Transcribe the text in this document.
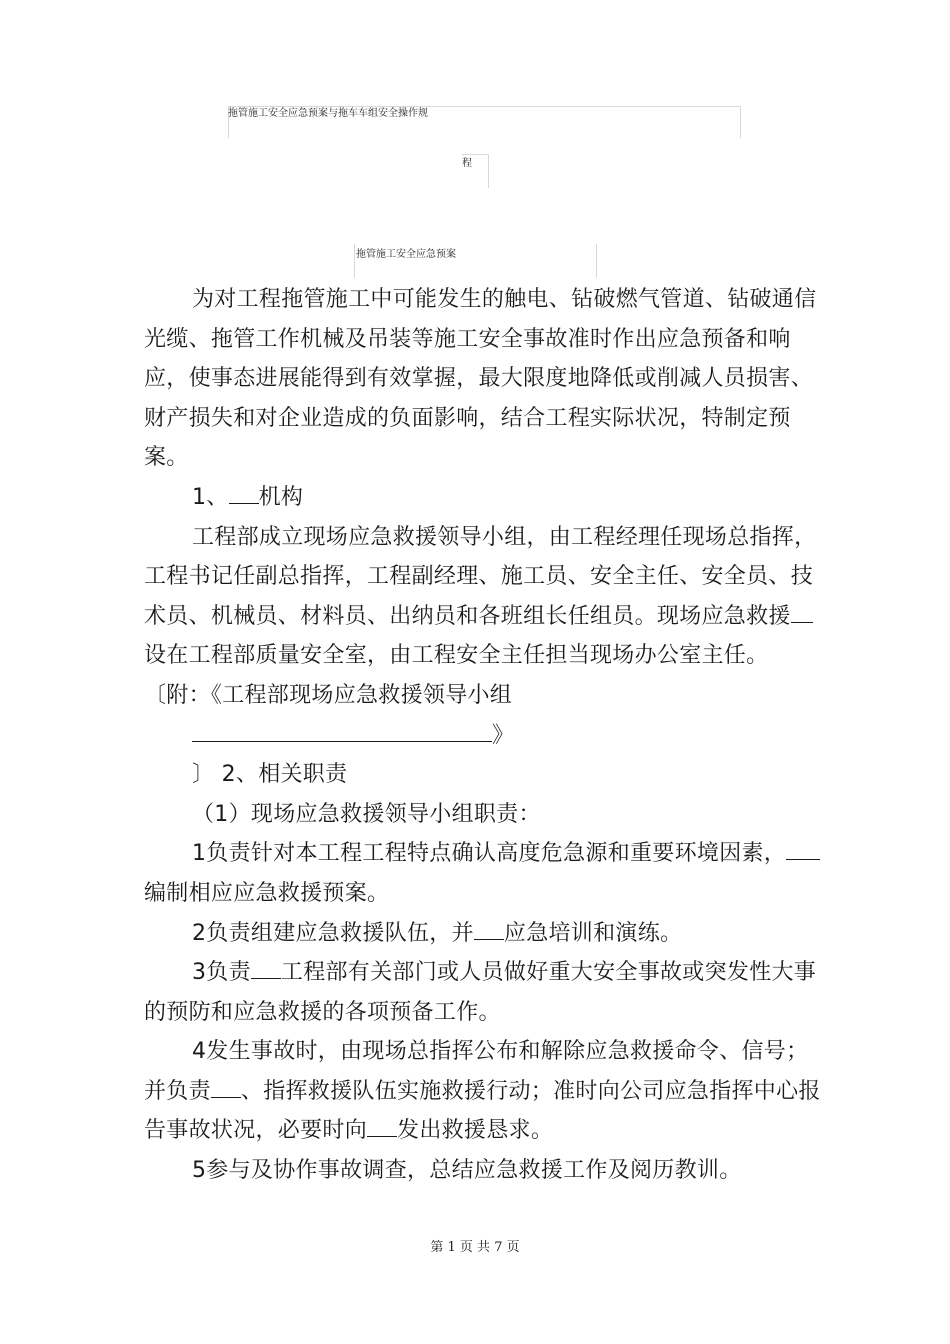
拖管施工安全应急预案与拖车车组安全操作规
程
拖管施工安全应急预案

为对工程拖管施工中可能发生的触电、钻破燃气管道、钻破通信光缆、拖管工作机械及吊装等施工安全事故准时作出应急预备和响应，使事态进展能得到有效掌握，最大限度地降低或削减人员损害、财产损失和对企业造成的负面影响，结合工程实际状况，特制定预案。

1、 机构

工程部成立现场应急救援领导小组，由工程经理任现场总指挥，工程书记任副总指挥，工程副经理、施工员、安全主任、安全员、技术员、机械员、材料员、出纳员和各班组长任组员。现场应急救援设在工程部质量安全室，由工程安全主任担当现场办公室主任。〔附：《工程部现场应急救援领导小组

》

〕 2、相关职责

（1）现场应急救援领导小组职责：

1负责针对本工程工程特点确认高度危急源和重要环境因素，编制相应应急救援预案。

2负责组建应急救援队伍，并 应急培训和演练。

3负责 工程部有关部门或人员做好重大安全事故或突发性大事的预防和应急救援的各项预备工作。

4发生事故时，由现场总指挥公布和解除应急救援命令、信号；并负责 、指挥救援队伍实施救援行动；准时向公司应急指挥中心报告事故状况，必要时向 发出救援恳求。

5参与及协作事故调查，总结应急救援工作及阅历教训。

第 1 页 共 7 页
